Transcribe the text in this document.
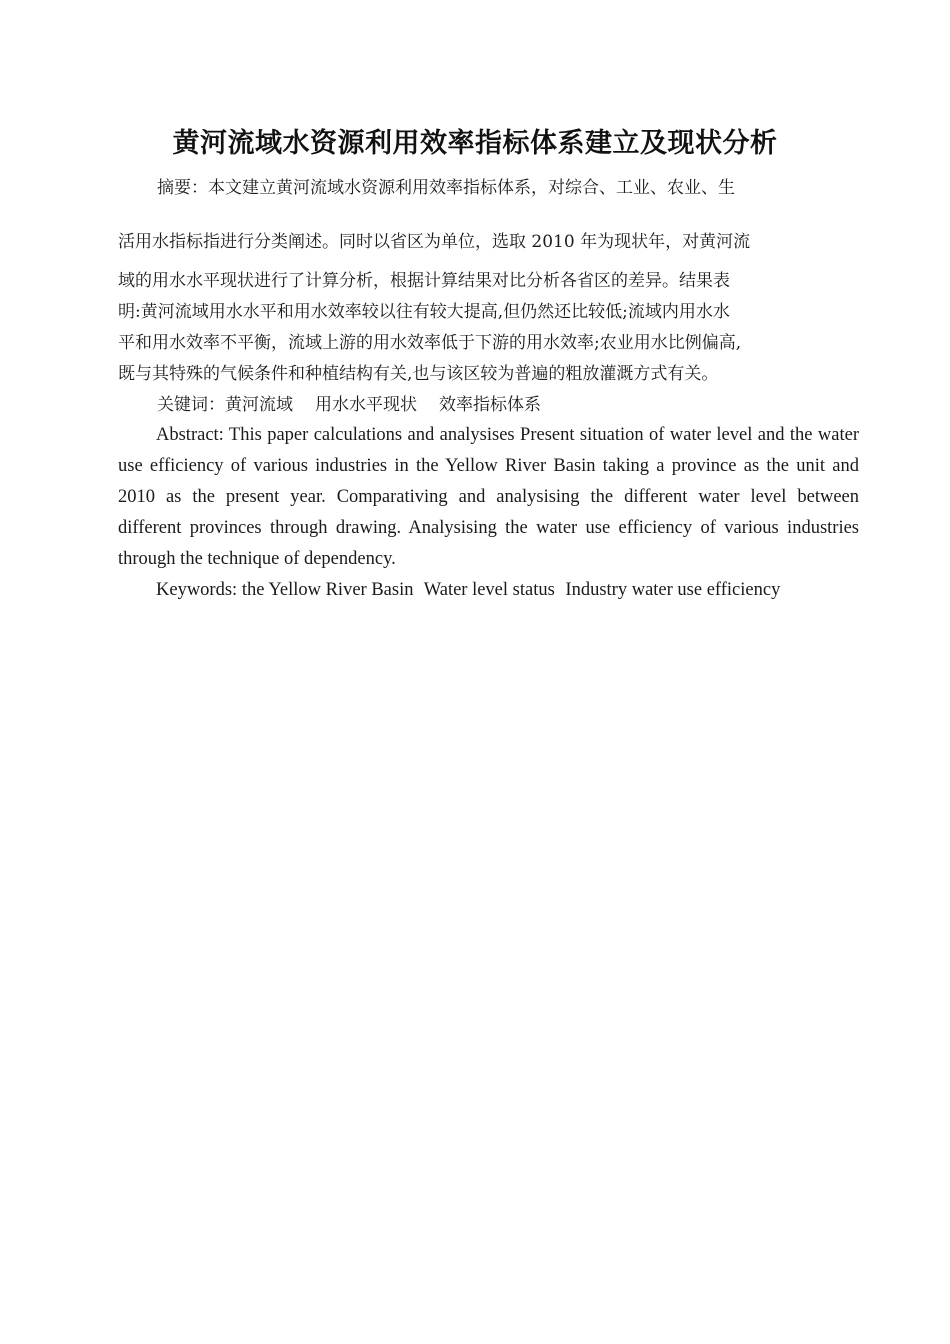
黄河流域水资源利用效率指标体系建立及现状分析
摘要：本文建立黄河流域水资源利用效率指标体系，对综合、工业、农业、生
活用水指标指进行分类阐述。同时以省区为单位，选取 2010 年为现状年，对黄河流
域的用水水平现状进行了计算分析，根据计算结果对比分析各省区的差异。结果表
明:黄河流域用水水平和用水效率较以往有较大提高,但仍然还比较低;流域内用水水
平和用水效率不平衡，流域上游的用水效率低于下游的用水效率;农业用水比例偏高,
既与其特殊的气候条件和种植结构有关,也与该区较为普遍的粗放灌溉方式有关。
关键词：黄河流域 用水水平现状 效率指标体系
Abstract: This paper calculations and analysises Present situation of water level and the water
use efficiency of various industries in the Yellow River Basin taking a province as the unit and
2010 as the present year. Comparativing and analysising the different water level between
different provinces through drawing. Analysising the water use efficiency of various industries
through the technique of dependency.
Keywords: the Yellow River Basin Water level status Industry water use efficiency
